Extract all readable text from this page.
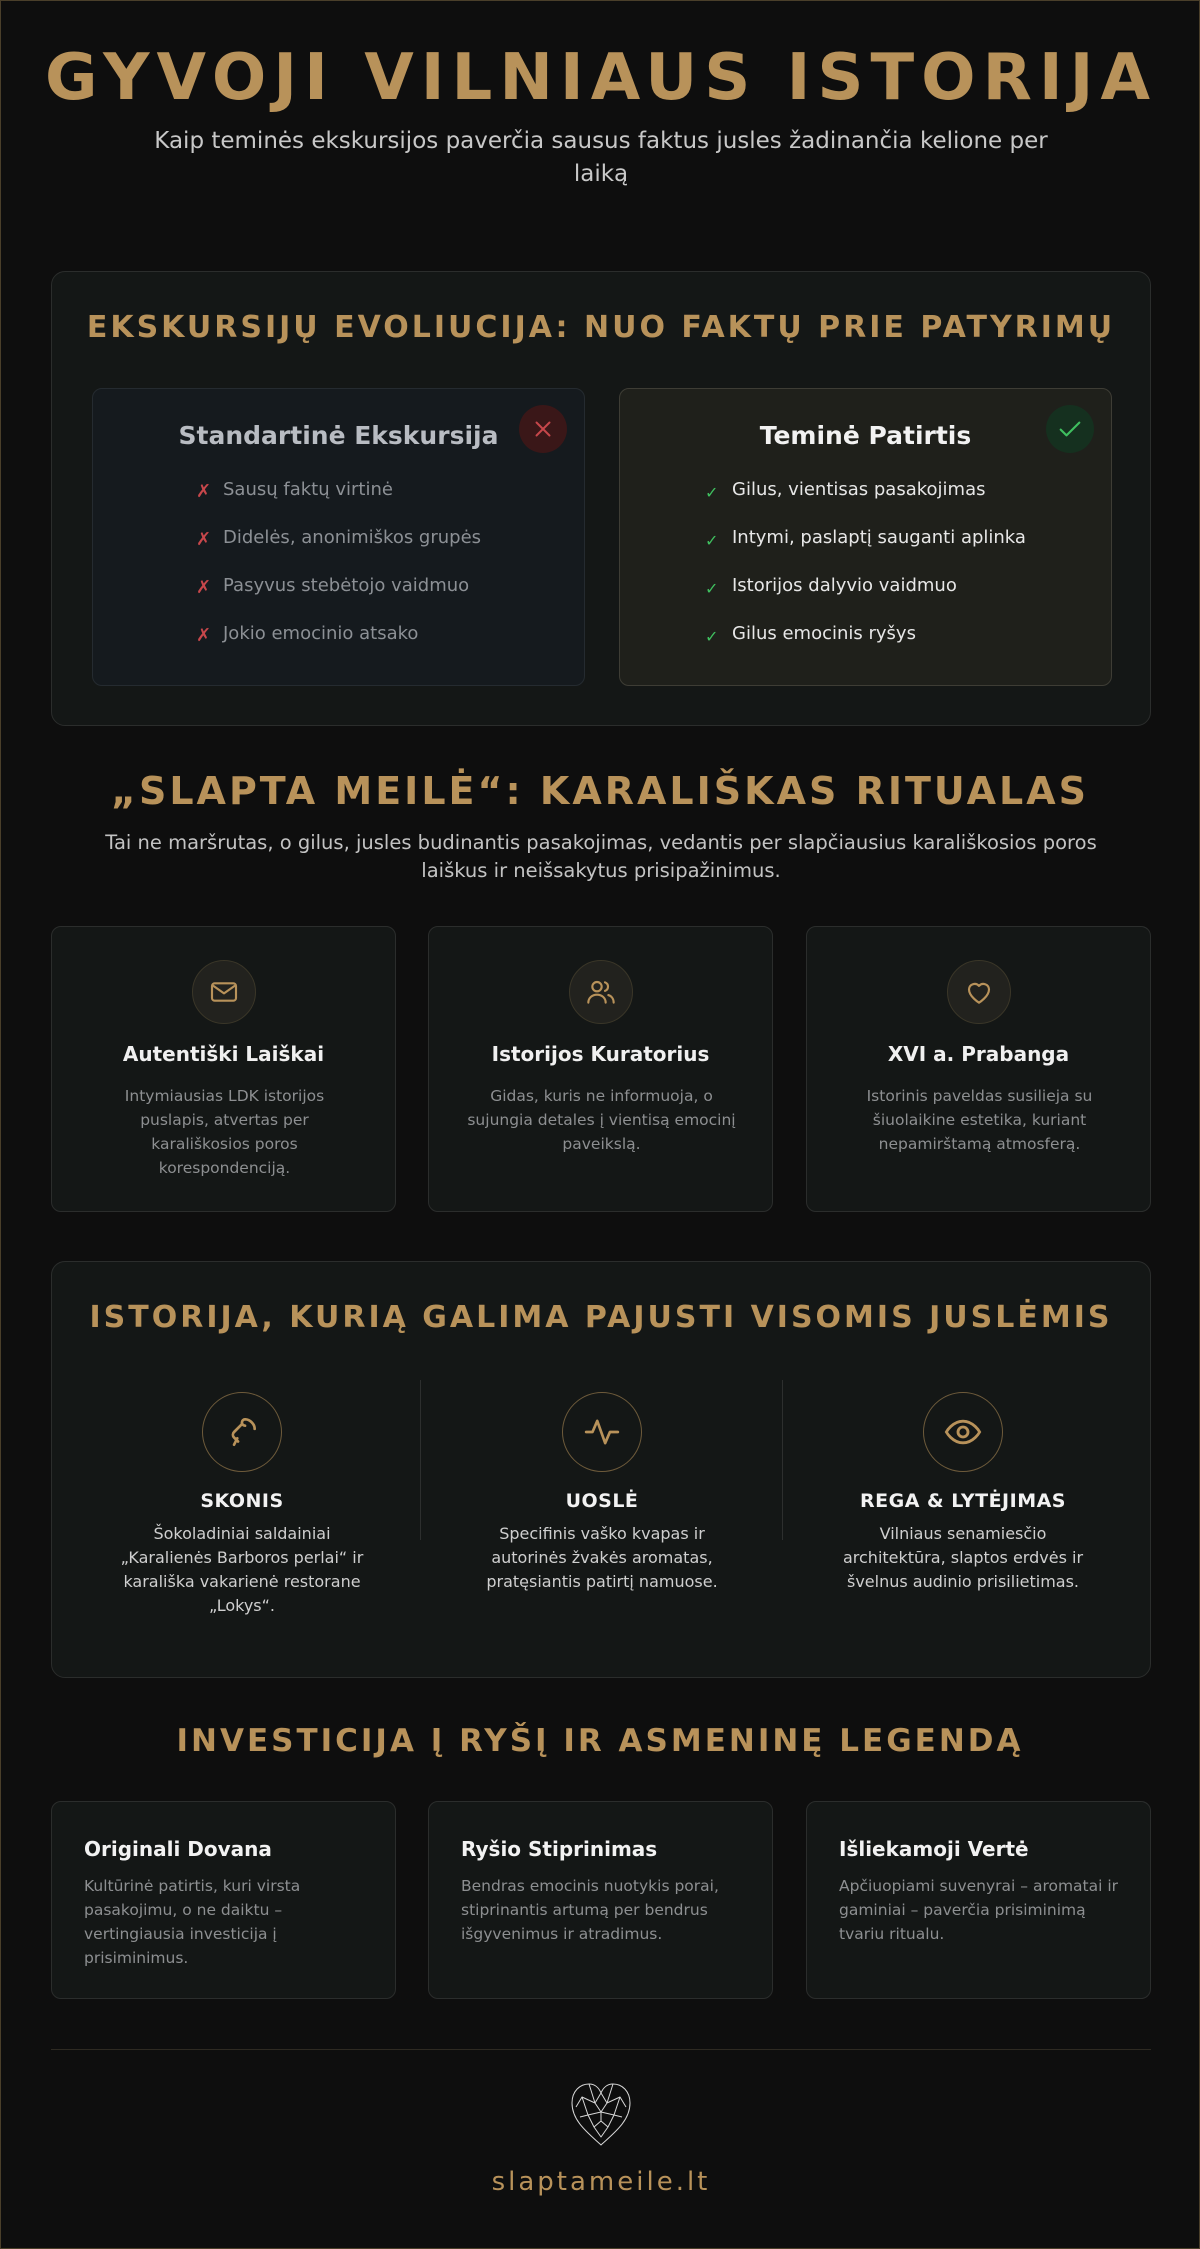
GYVOJI VILNIAUS ISTORIJA

Kaip teminės ekskursijos paverčia sausus faktus jusles žadinančia kelione per laiką

EKSKURSIJŲ EVOLIUCIJA: NUO FAKTŲ PRIE PATYRIMŲ
Standartinė Ekskursija
✗ Sausų faktų virtinė
✗ Didelės, anonimiškos grupės
✗ Pasyvus stebėtojo vaidmuo
✗ Jokio emocinio atsako
Teminė Patirtis
✓ Gilus, vientisas pasakojimas
✓ Intymi, paslaptį sauganti aplinka
✓ Istorijos dalyvio vaidmuo
✓ Gilus emocinis ryšys
„SLAPTA MEILĖ“: KARALIŠKAS RITUALAS

Tai ne maršrutas, o gilus, jusles budinantis pasakojimas, vedantis per slapčiausius karališkosios poros laiškus ir neišsakytus prisipažinimus.

Autentiški Laiškai

Intymiausias LDK istorijos puslapis, atvertas per karališkosios poros korespondenciją.

Istorijos Kuratorius

Gidas, kuris ne informuoja, o sujungia detales į vientisą emocinį paveikslą.

XVI a. Prabanga

Istorinis paveldas susilieja su šiuolaikine estetika, kuriant nepamirštamą atmosferą.

ISTORIJA, KURIĄ GALIMA PAJUSTI VISOMIS JUSLĖMIS
SKONIS

Šokoladiniai saldainiai „Karalienės Barboros perlai“ ir karališka vakarienė restorane „Lokys“.

UOSLĖ

Specifinis vaško kvapas ir autorinės žvakės aromatas, pratęsiantis patirtį namuose.

REGA & LYTĖJIMAS

Vilniaus senamiesčio architektūra, slaptos erdvės ir švelnus audinio prisilietimas.

INVESTICIJA Į RYŠĮ IR ASMENINĘ LEGENDĄ
Originali Dovana

Kultūrinė patirtis, kuri virsta pasakojimu, o ne daiktu – vertingiausia investicija į prisiminimus.

Ryšio Stiprinimas

Bendras emocinis nuotykis porai, stiprinantis artumą per bendrus išgyvenimus ir atradimus.

Išliekamoji Vertė

Apčiuopiami suvenyrai – aromatai ir gaminiai – paverčia prisiminimą tvariu ritualu.

slaptameile.lt
